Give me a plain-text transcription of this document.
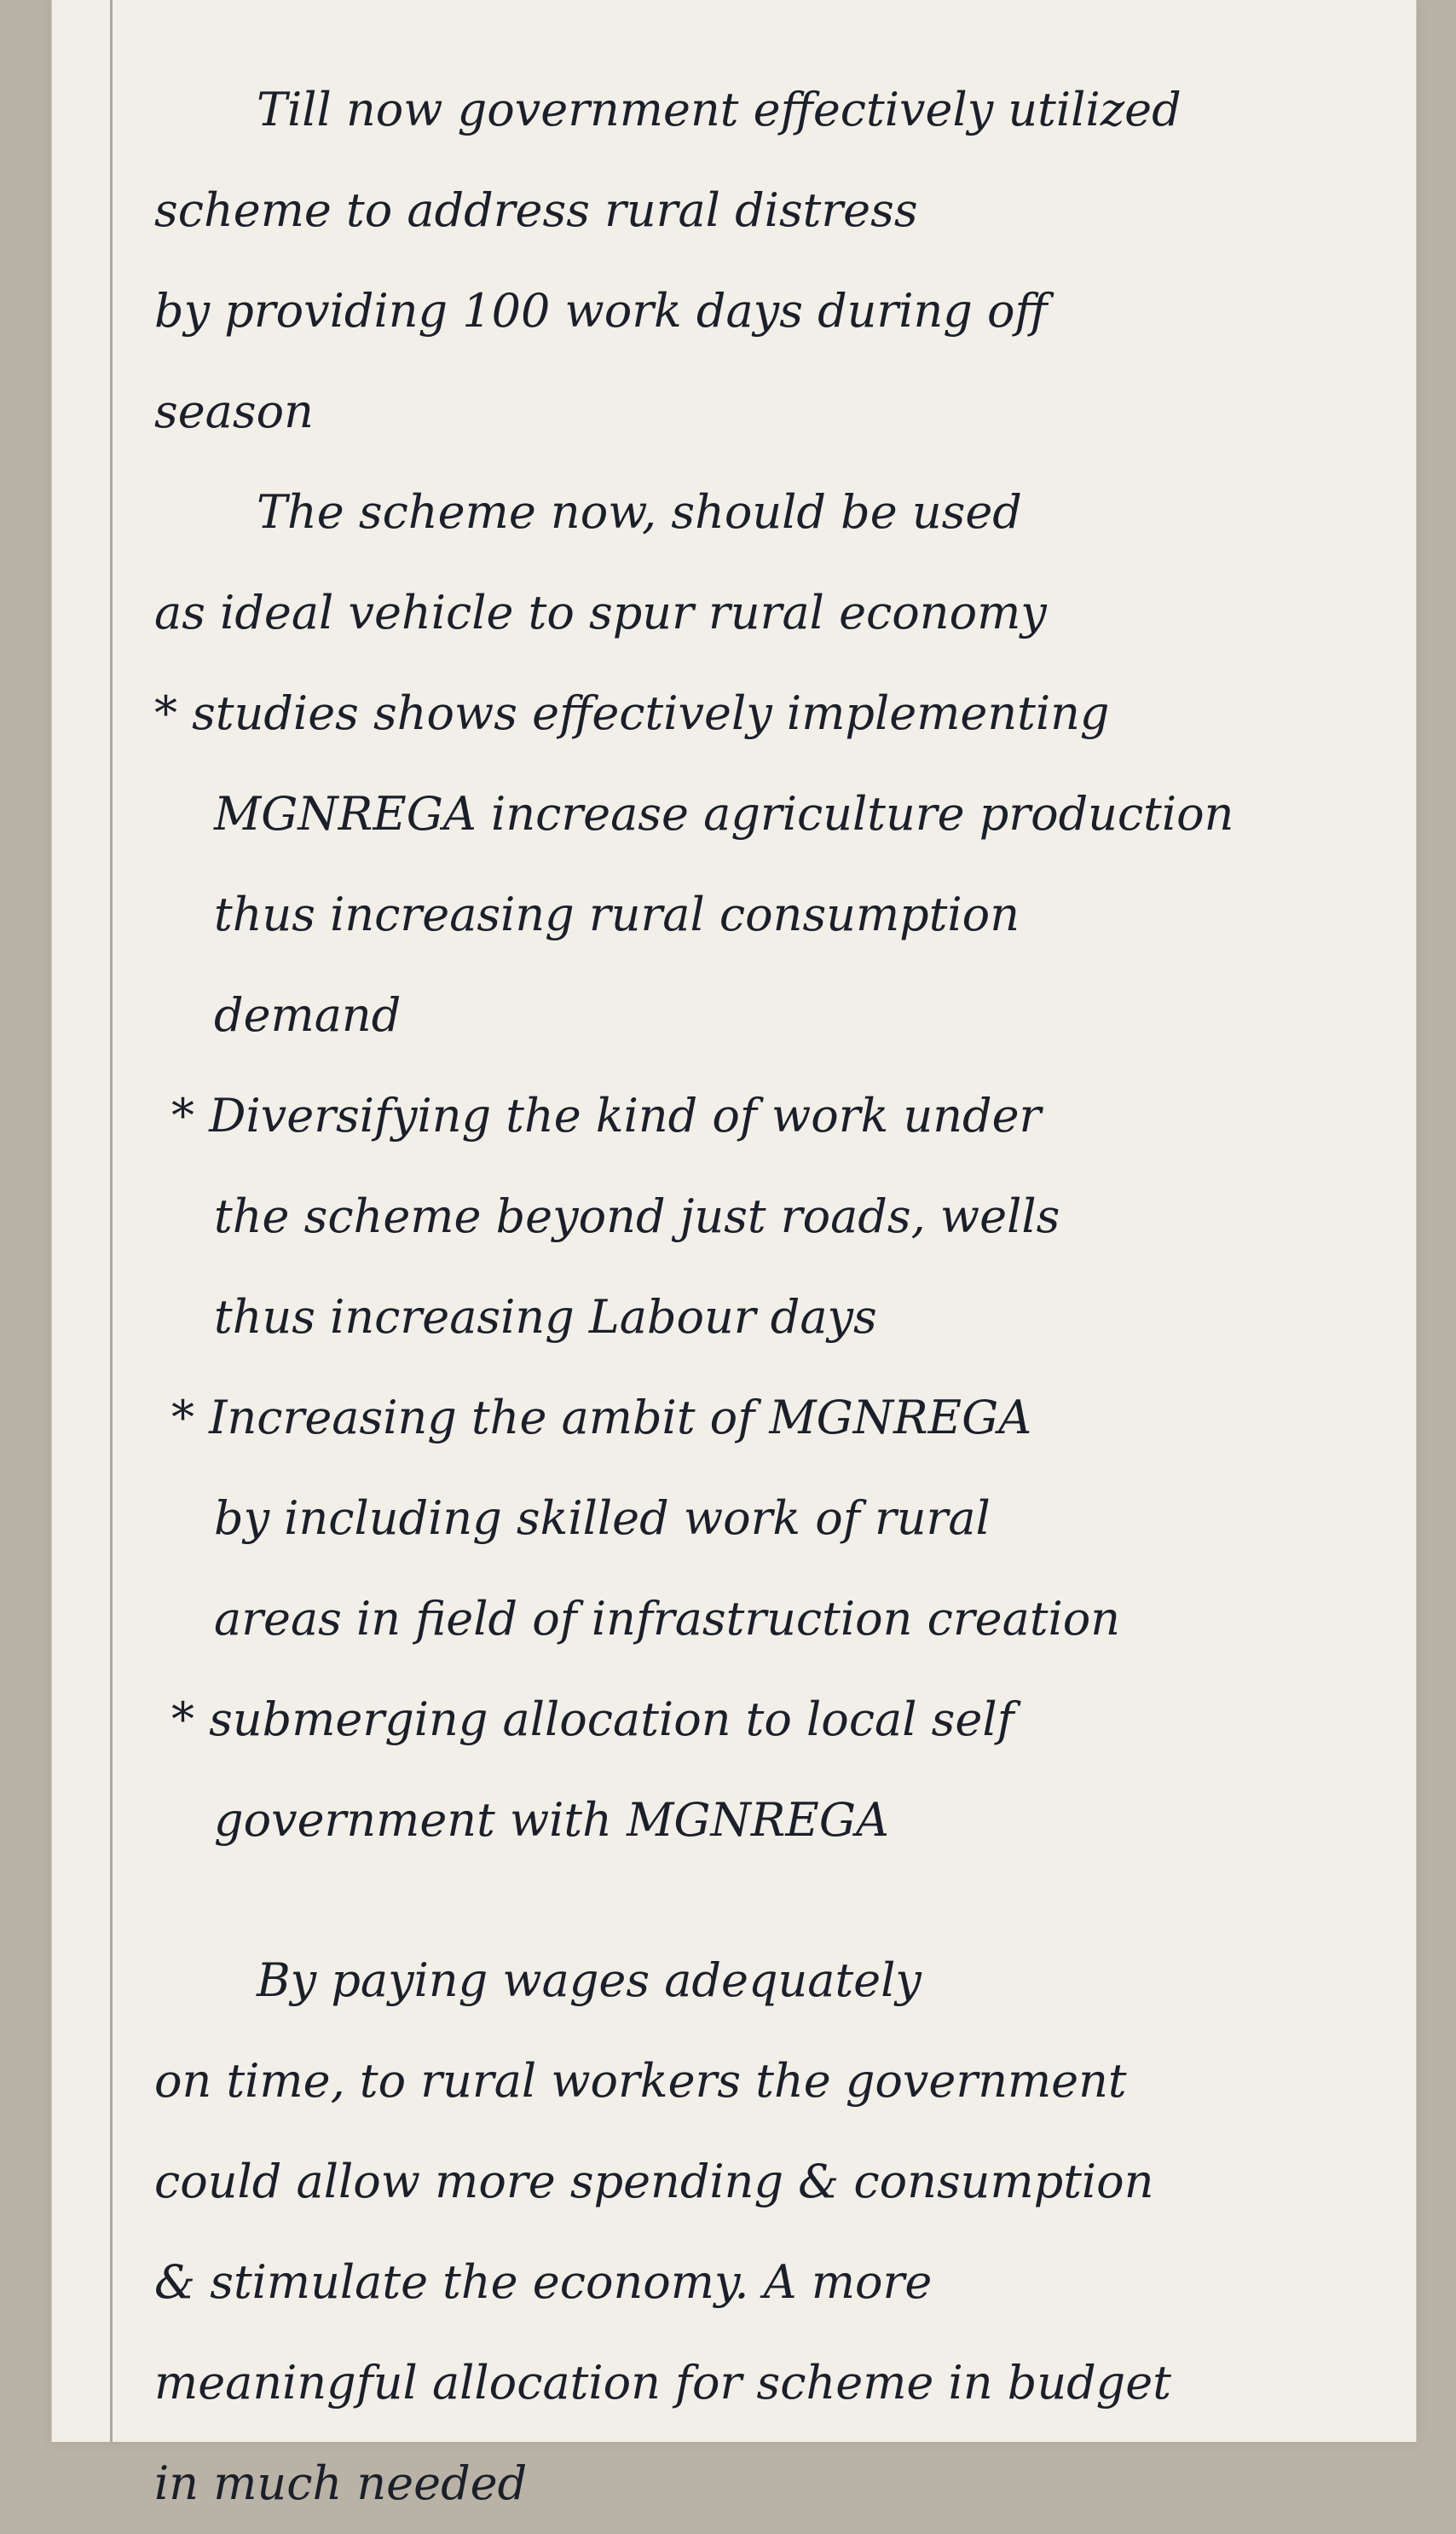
Till now government effectively utilized
scheme to address rural distress
by providing 100 work days during off
season
The scheme now, should be used
as ideal vehicle to spur rural economy
* studies shows effectively implementing
MGNREGA increase agriculture production
thus increasing rural consumption
demand
* Diversifying the kind of work under
the scheme beyond just roads, wells
thus increasing Labour days
* Increasing the ambit of MGNREGA
by including skilled work of rural
areas in field of infrastruction creation
* submerging allocation to local self
government with MGNREGA
By paying wages adequately
on time, to rural workers the government
could allow more spending & consumption
& stimulate the economy. A more
meaningful allocation for scheme in budget
in much needed
